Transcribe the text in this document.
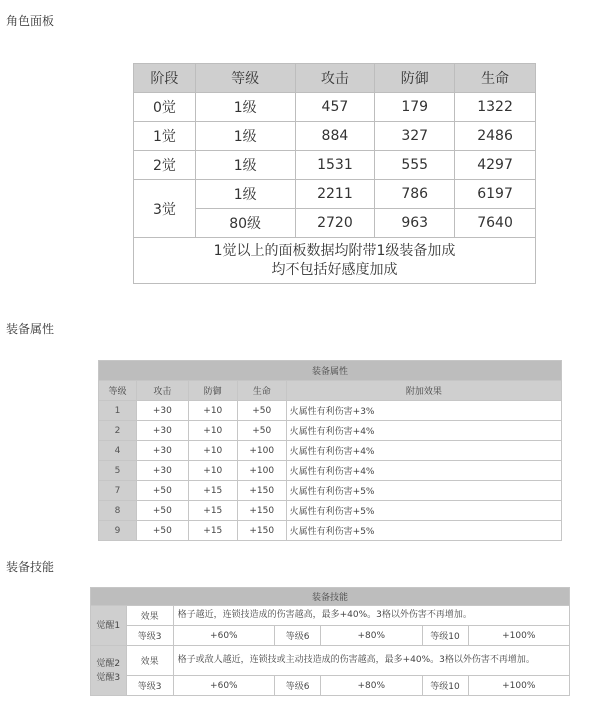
角色面板
阶段	等级	攻击	防御	生命
0觉	1级	457	179	1322
1觉	1级	884	327	2486
2觉	1级	1531	555	4297
3觉	1级	2211	786	6197
	80级	2720	963	7640

1觉以上的面板数据均附带1级装备加成
均不包括好感度加成				
装备属性
装备属性				
等级	攻击	防御	生命	附加效果
1	+30	+10	+50	火属性有利伤害+3%
2	+30	+10	+50	火属性有利伤害+4%
4	+30	+10	+100	火属性有利伤害+4%
5	+30	+10	+100	火属性有利伤害+4%
7	+50	+15	+150	火属性有利伤害+5%
8	+50	+15	+150	火属性有利伤害+5%
9	+50	+15	+150	火属性有利伤害+5%
装备技能
装备技能						
觉醒1	效果	格子越近，连锁技造成的伤害越高，最多+40%。3格以外伤害不再增加。				
	等级3	+60%	等级6	+80%	等级10	+100%

觉醒2
觉醒3	效果	格子或敌人越近，连锁技或主动技造成的伤害越高，最多+40%。3格以外伤害不再增加。				
	等级3	+60%	等级6	+80%	等级10	+100%
